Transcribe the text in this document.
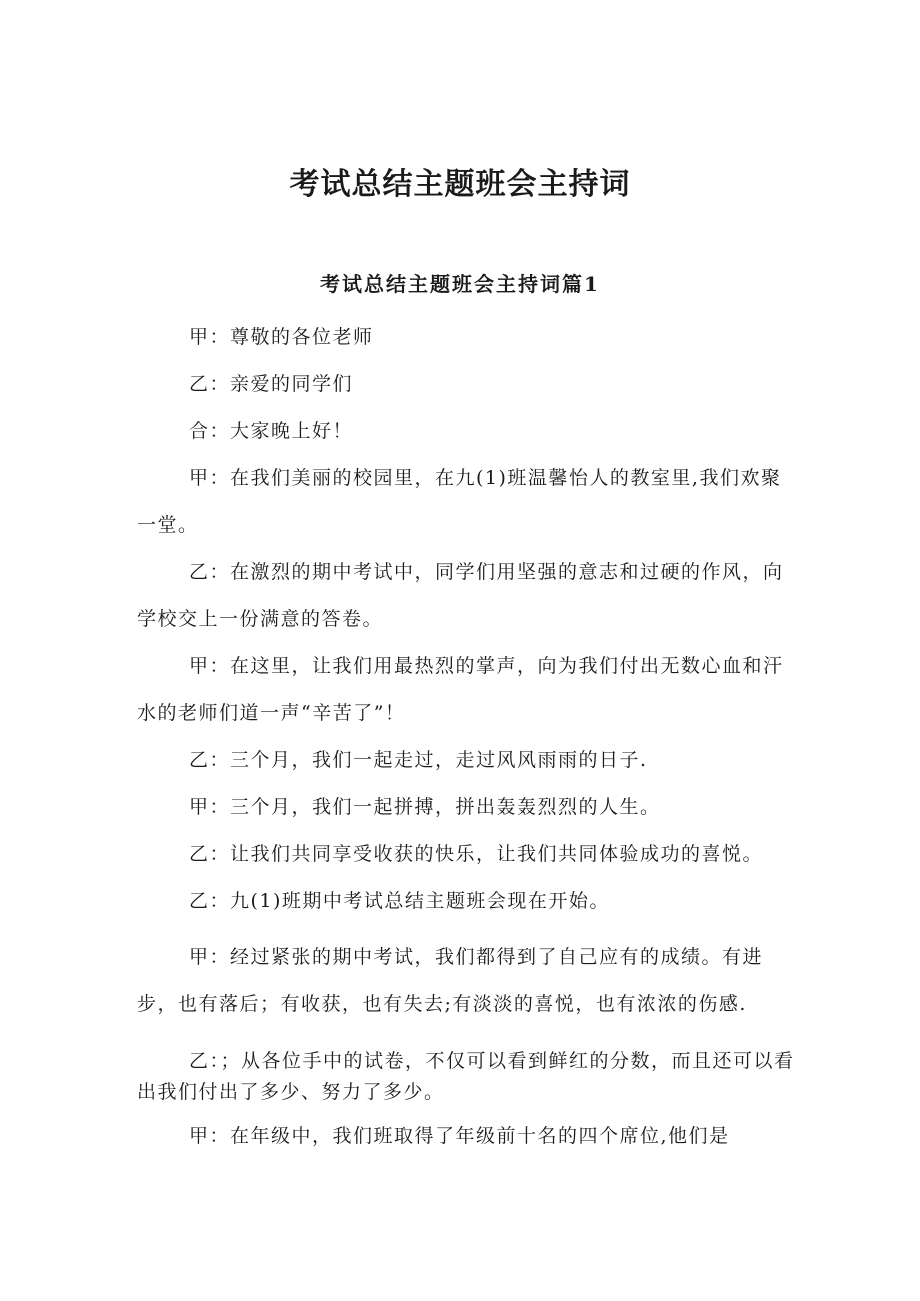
考试总结主题班会主持词
考试总结主题班会主持词篇1

甲：尊敬的各位老师

乙：亲爱的同学们

合：大家晚上好！

甲：在我们美丽的校园里，在九(1)班温馨怡人的教室里,我们欢聚一堂。

乙：在激烈的期中考试中，同学们用坚强的意志和过硬的作风，向学校交上一份满意的答卷。

甲：在这里，让我们用最热烈的掌声，向为我们付出无数心血和汗水的老师们道一声“辛苦了”！

乙：三个月，我们一起走过，走过风风雨雨的日子.

甲：三个月，我们一起拼搏，拼出轰轰烈烈的人生。

乙：让我们共同享受收获的快乐，让我们共同体验成功的喜悦。

乙：九(1)班期中考试总结主题班会现在开始。

甲：经过紧张的期中考试，我们都得到了自己应有的成绩。有进步，也有落后；有收获，也有失去;有淡淡的喜悦，也有浓浓的伤感.

乙：；从各位手中的试卷，不仅可以看到鲜红的分数，而且还可以看出我们付出了多少、努力了多少。

甲：在年级中，我们班取得了年级前十名的四个席位,他们是
